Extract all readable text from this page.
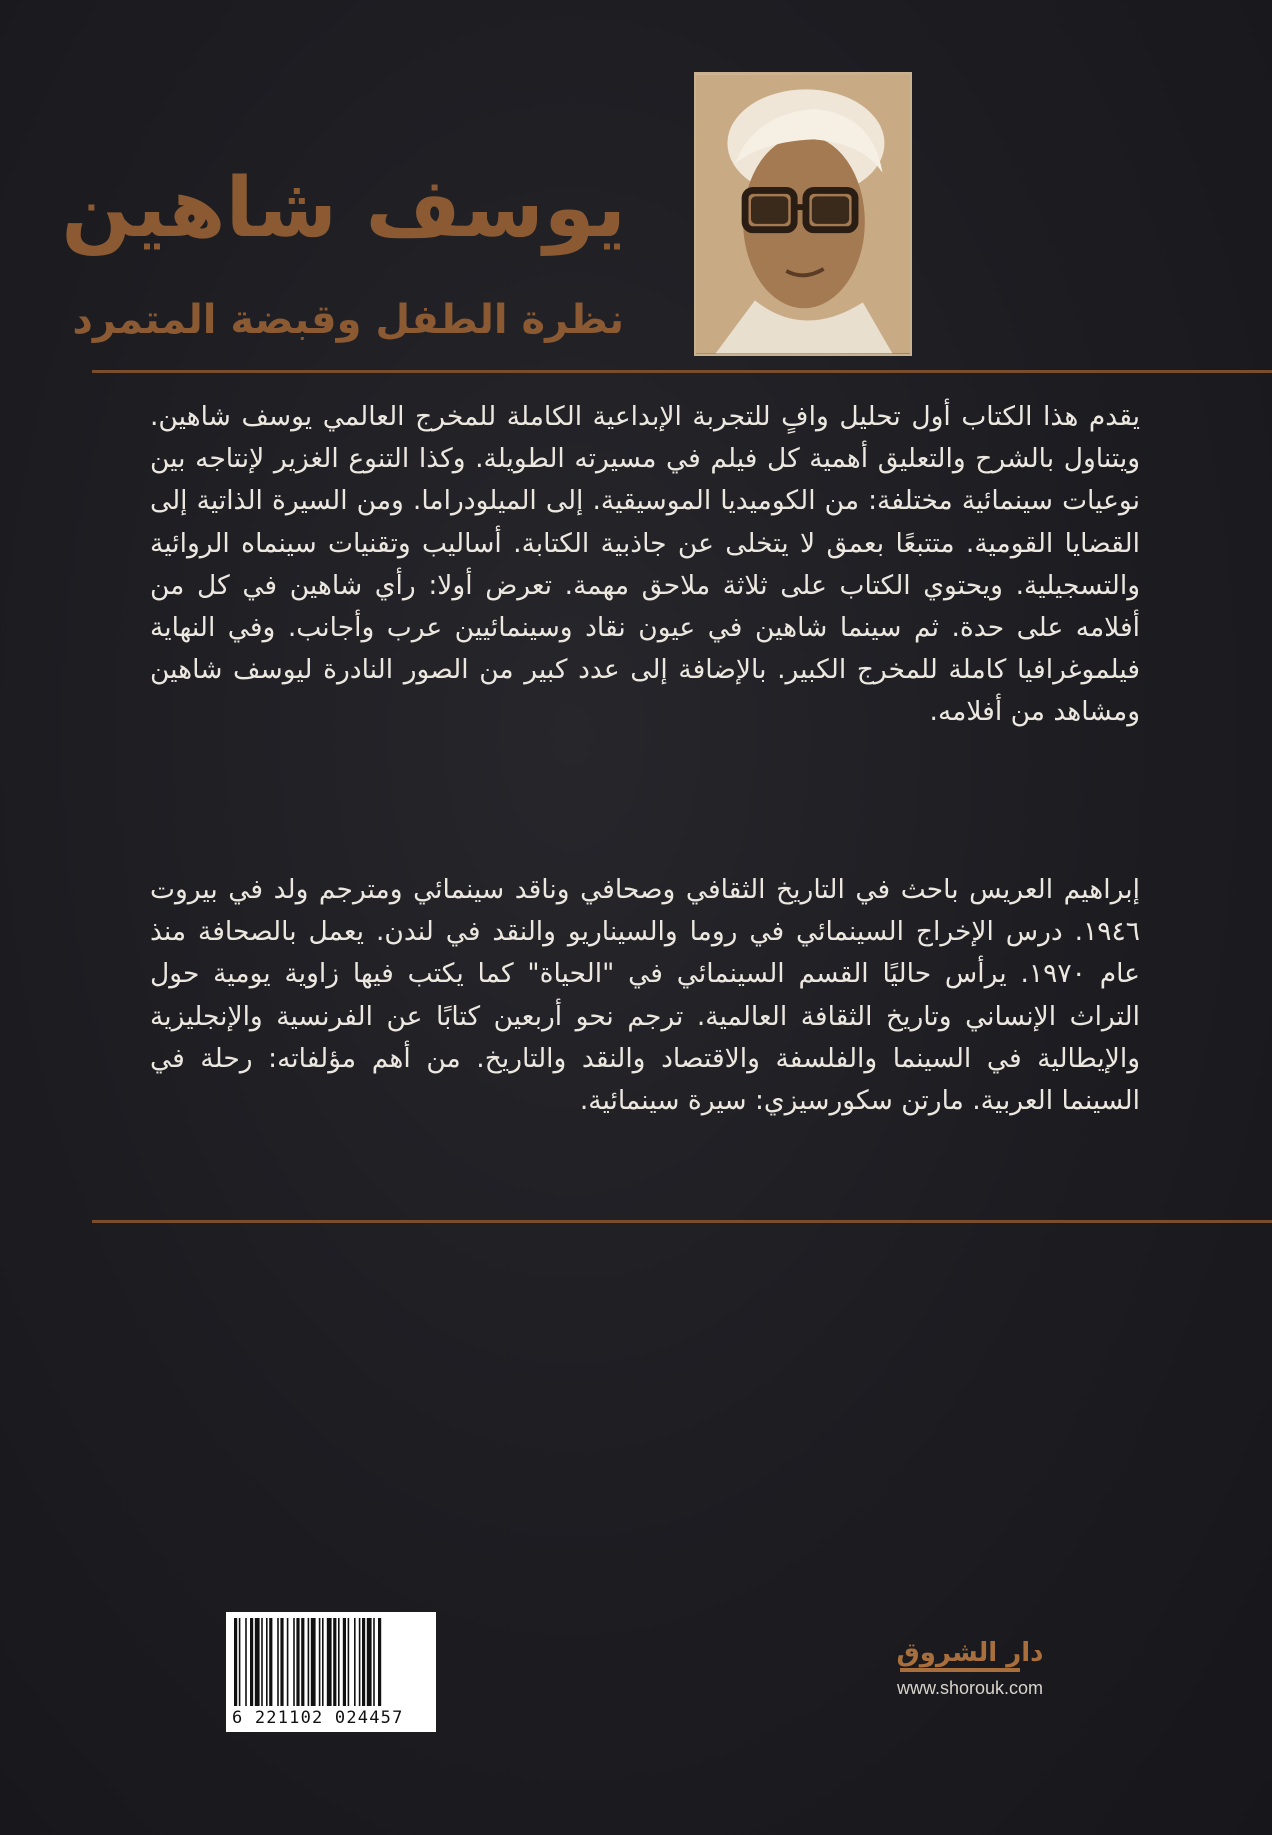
يوسف شاهين
نظرة الطفل وقبضة المتمرد

يقدم هذا الكتاب أول تحليل وافٍ للتجربة الإبداعية الكاملة للمخرج العالمي يوسف شاهين. ويتناول بالشرح والتعليق أهمية كل فيلم في مسيرته الطويلة. وكذا التنوع الغزير لإنتاجه بين نوعيات سينمائية مختلفة: من الكوميديا الموسيقية. إلى الميلودراما. ومن السيرة الذاتية إلى القضايا القومية. متتبعًا بعمق لا يتخلى عن جاذبية الكتابة. أساليب وتقنيات سينماه الروائية والتسجيلية. ويحتوي الكتاب على ثلاثة ملاحق مهمة. تعرض أولا: رأي شاهين في كل من أفلامه على حدة. ثم سينما شاهين في عيون نقاد وسينمائيين عرب وأجانب. وفي النهاية فيلموغرافيا كاملة للمخرج الكبير. بالإضافة إلى عدد كبير من الصور النادرة ليوسف شاهين ومشاهد من أفلامه.

إبراهيم العريس باحث في التاريخ الثقافي وصحافي وناقد سينمائي ومترجم ولد في بيروت ١٩٤٦. درس الإخراج السينمائي في روما والسيناريو والنقد في لندن. يعمل بالصحافة منذ عام ١٩٧٠. يرأس حاليًا القسم السينمائي في "الحياة" كما يكتب فيها زاوية يومية حول التراث الإنساني وتاريخ الثقافة العالمية. ترجم نحو أربعين كتابًا عن الفرنسية والإنجليزية والإيطالية في السينما والفلسفة والاقتصاد والنقد والتاريخ. من أهم مؤلفاته: رحلة في السينما العربية. مارتن سكورسيزي: سيرة سينمائية.

6 221102 024457
دار الشروق
www.shorouk.com
